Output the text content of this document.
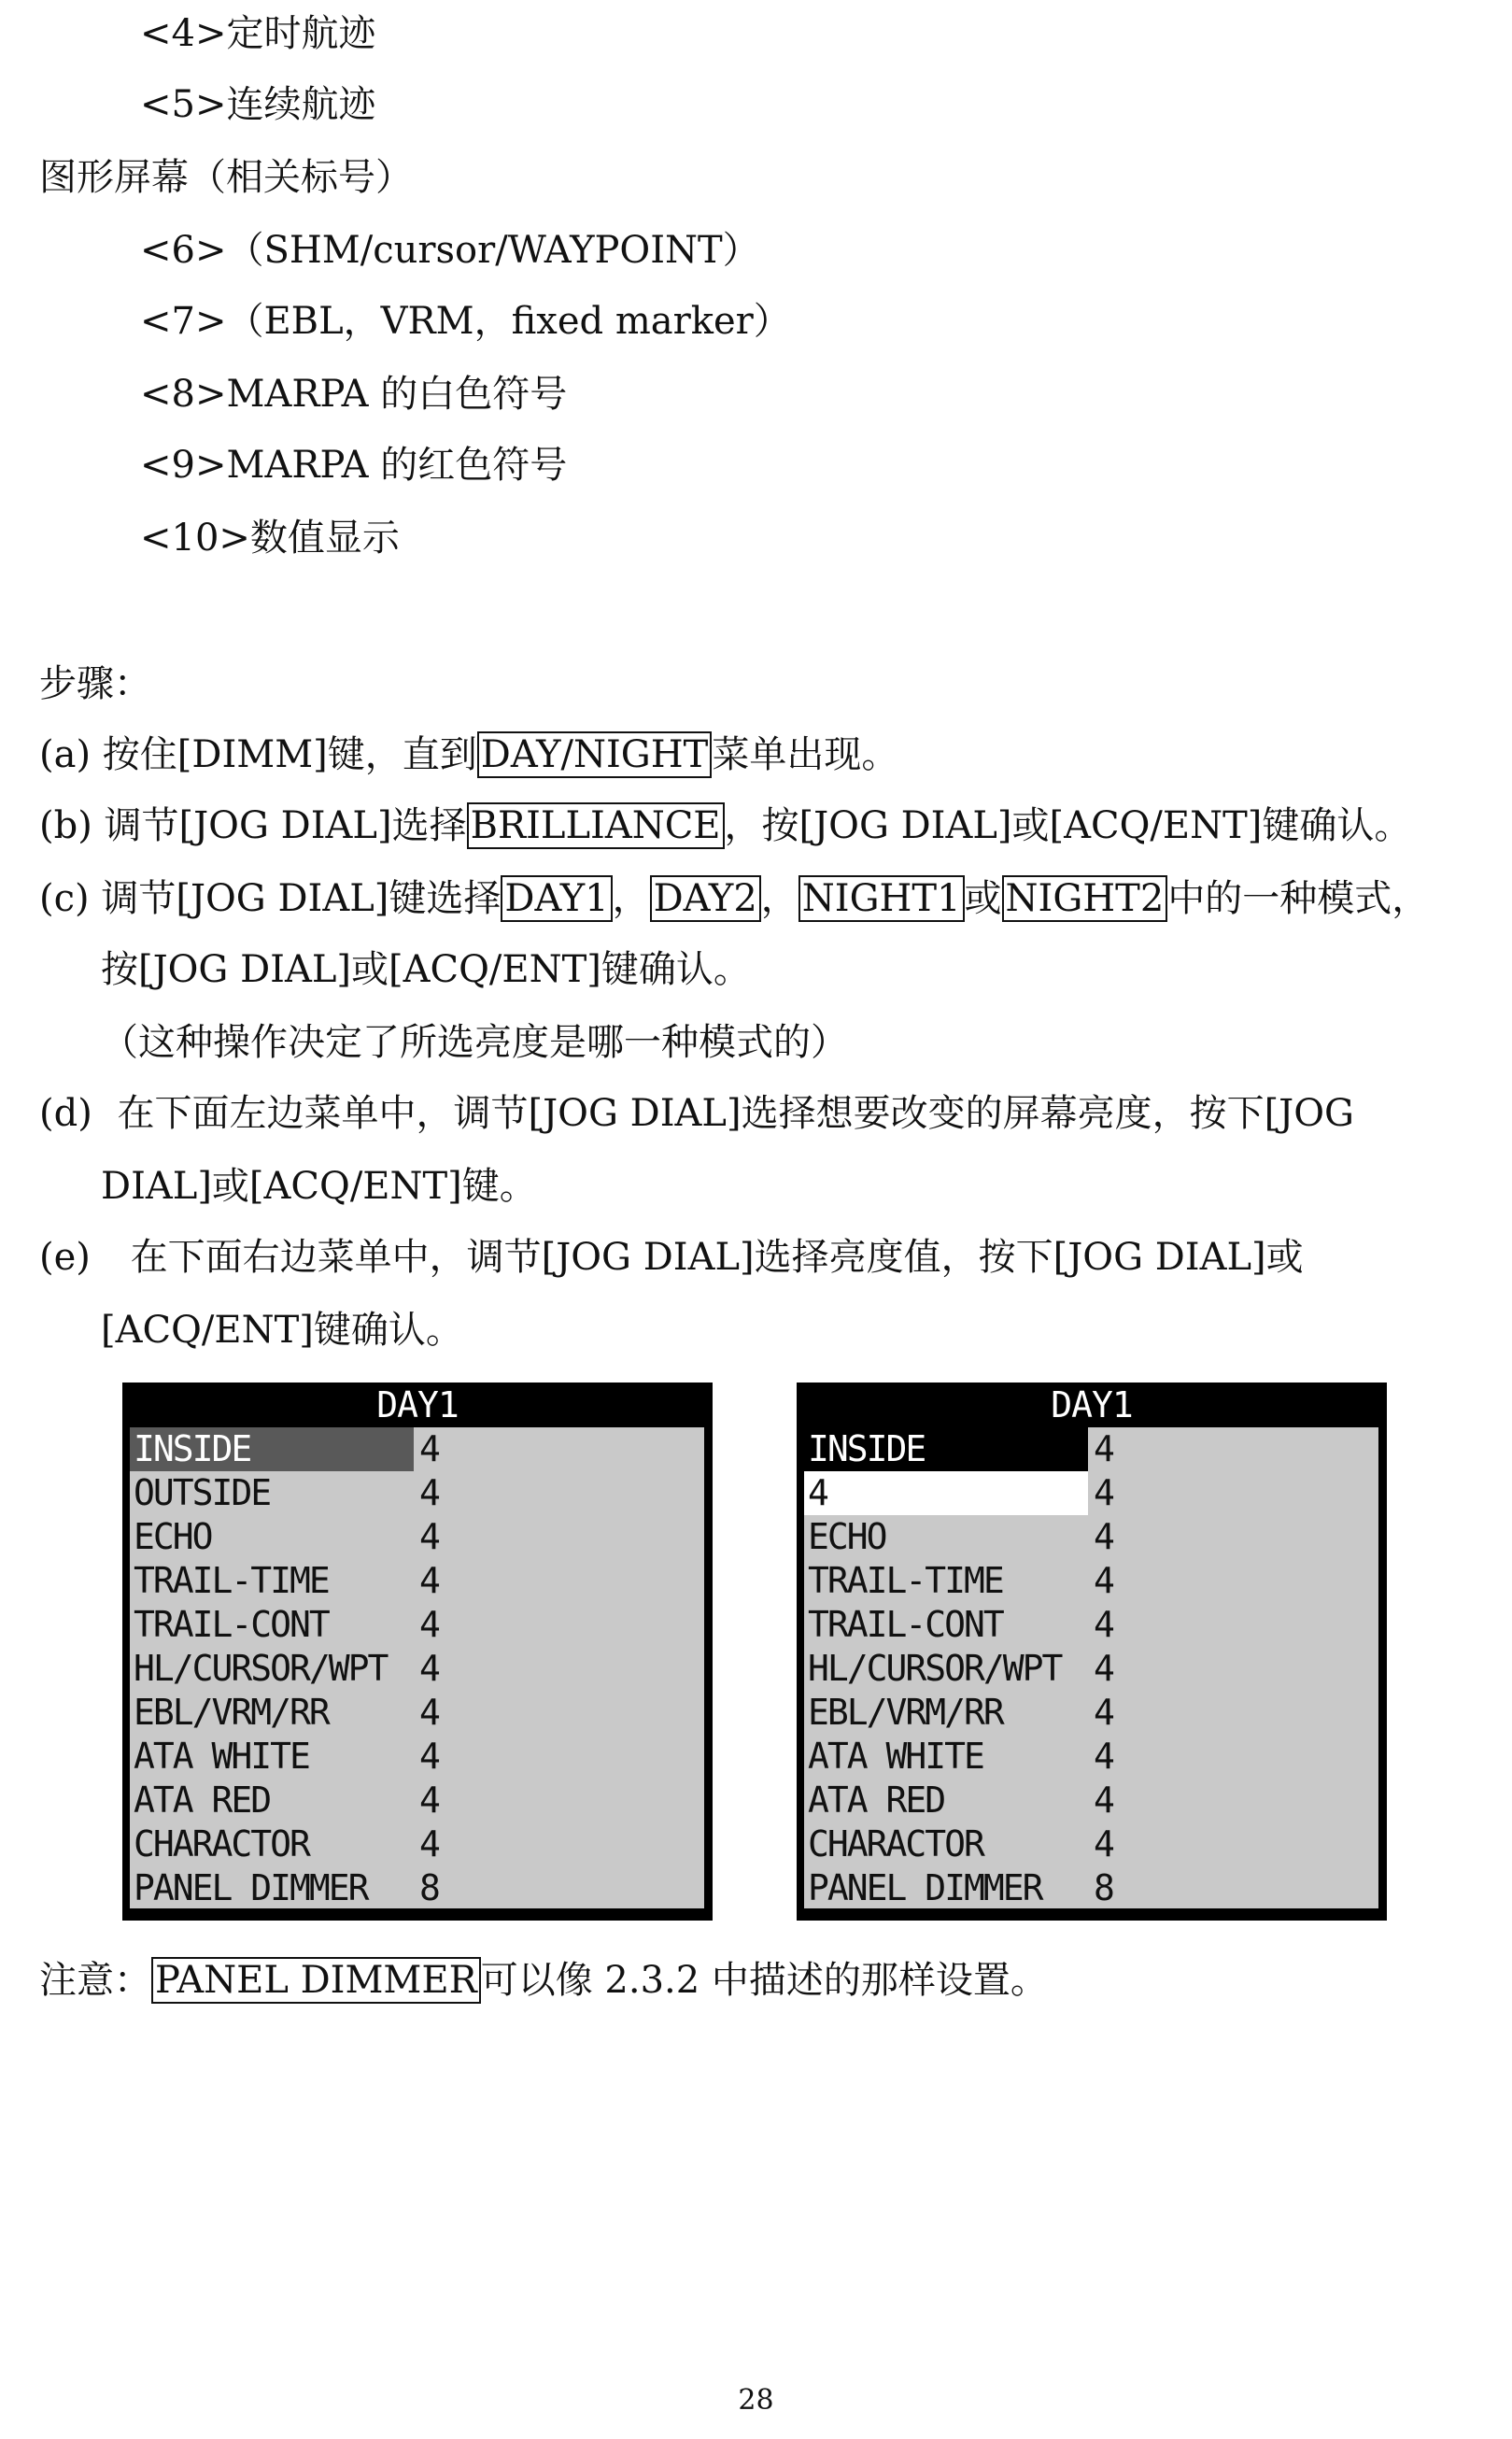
<4>定时航迹
<5>连续航迹
图形屏幕（相关标号）
<6>（SHM/cursor/WAYPOINT）
<7>（EBL，VRM，fixed marker）
<8>MARPA 的白色符号
<9>MARPA 的红色符号
<10>数值显示
步骤：
(a) 按住[DIMM]键，直到 DAY/NIGHT 菜单出现。
(b) 调节[JOG DIAL]选择 BRILLIANCE ，按[JOG DIAL]或[ACQ/ENT]键确认。
(c) 调节[JOG DIAL]键选择 DAY1 ， DAY2 ， NIGHT1 或 NIGHT2 中的一种模式，
按[JOG DIAL]或[ACQ/ENT]键确认。
（这种操作决定了所选亮度是哪一种模式的）
(d) 在下面左边菜单中，调节[JOG DIAL]选择想要改变的屏幕亮度，按下[JOG
DIAL]或[ACQ/ENT]键。
(e) 在下面右边菜单中，调节[JOG DIAL]选择亮度值，按下[JOG DIAL]或
[ACQ/ENT]键确认。
DAY1
INSIDE	4
OUTSIDE	4
ECHO	4
TRAIL-TIME	4
TRAIL-CONT	4
HL/CURSOR/WPT 4
EBL/VRM/RR	4
ATA WHITE	4
ATA RED	4
CHARACTOR	4
PANEL DIMMER 8
DAY1
INSIDE	4
4	4
ECHO	4
TRAIL-TIME	4
TRAIL-CONT	4
HL/CURSOR/WPT 4
EBL/VRM/RR	4
ATA WHITE	4
ATA RED	4
CHARACTOR	4
PANEL DIMMER 8
注意： PANEL DIMMER 可以像 2.3.2 中描述的那样设置。
28
